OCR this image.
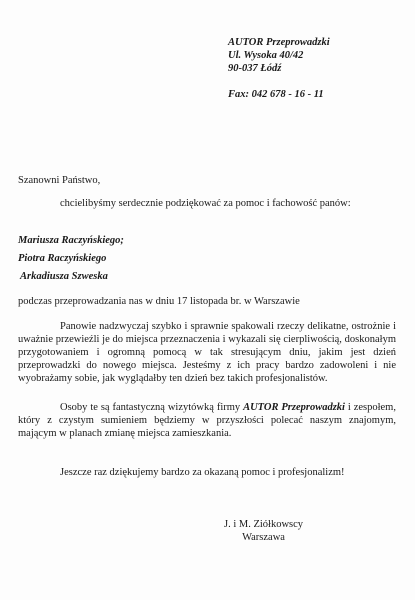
AUTOR Przeprowadzki
Ul. Wysoka 40/42
90-037 Łódź
Fax: 042 678 - 16 - 11
Szanowni Państwo,
chcielibyśmy serdecznie podziękować za pomoc i fachowość panów:
Mariusza Raczyńskiego;
Piotra Raczyńskiego
Arkadiusza Szweska
podczas przeprowadzania nas w dniu 17 listopada br. w Warszawie
Panowie nadzwyczaj szybko i sprawnie spakowali rzeczy delikatne, ostrożnie i uważnie przewieźli je do miejsca przeznaczenia i wykazali się cierpliwością, doskonałym przygotowaniem i ogromną pomocą w tak stresującym dniu, jakim jest dzień przeprowadzki do nowego miejsca. Jesteśmy z ich pracy bardzo zadowoleni i nie wyobrażamy sobie, jak wyglądałby ten dzień bez takich profesjonalistów.
Osoby te są fantastyczną wizytówką firmy AUTOR Przeprowadzki i zespołem, który z czystym sumieniem będziemy w przyszłości polecać naszym znajomym, mającym w planach zmianę miejsca zamieszkania.
Jeszcze raz dziękujemy bardzo za okazaną pomoc i profesjonalizm!
J. i M. Ziółkowscy
Warszawa
